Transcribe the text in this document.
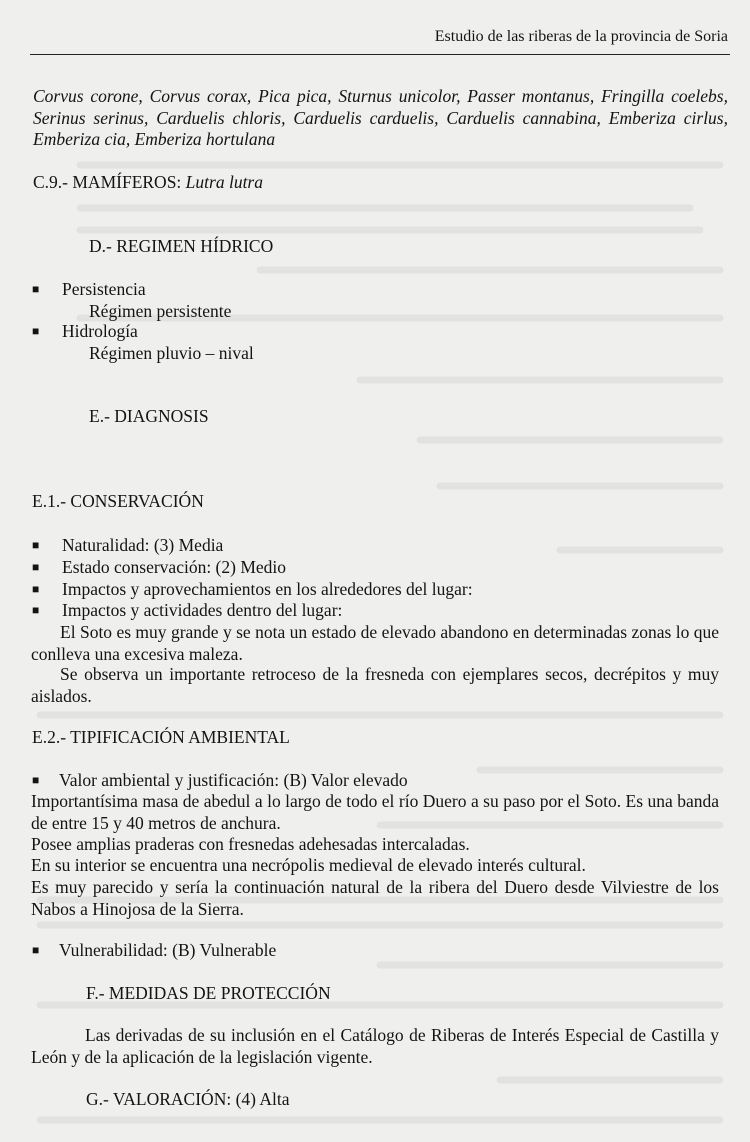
Estudio de las riberas de la provincia de Soria
Corvus corone, Corvus corax, Pica pica, Sturnus unicolor, Passer montanus, Fringilla coelebs, Serinus serinus, Carduelis chloris, Carduelis carduelis, Carduelis cannabina, Emberiza cirlus, Emberiza cia, Emberiza hortulana
C.9.- MAMÍFEROS: Lutra lutra
D.- REGIMEN HÍDRICO
■ Persistencia
Régimen persistente
■ Hidrología
Régimen pluvio – nival
E.- DIAGNOSIS
E.1.- CONSERVACIÓN
■ Naturalidad: (3) Media
■ Estado conservación: (2) Medio
■ Impactos y aprovechamientos en los alrededores del lugar:
■ Impactos y actividades dentro del lugar:
El Soto es muy grande y se nota un estado de elevado abandono en determinadas zonas lo que conlleva una excesiva maleza.
Se observa un importante retroceso de la fresneda con ejemplares secos, decrépitos y muy aislados.
E.2.- TIPIFICACIÓN AMBIENTAL
■ Valor ambiental y justificación: (B) Valor elevado
Importantísima masa de abedul a lo largo de todo el río Duero a su paso por el Soto. Es una banda de entre 15 y 40 metros de anchura.
Posee amplias praderas con fresnedas adehesadas intercaladas.
En su interior se encuentra una necrópolis medieval de elevado interés cultural.
Es muy parecido y sería la continuación natural de la ribera del Duero desde Vilviestre de los Nabos a Hinojosa de la Sierra.
■ Vulnerabilidad: (B) Vulnerable
F.- MEDIDAS DE PROTECCIÓN
Las derivadas de su inclusión en el Catálogo de Riberas de Interés Especial de Castilla y León y de la aplicación de la legislación vigente.
G.- VALORACIÓN: (4) Alta
